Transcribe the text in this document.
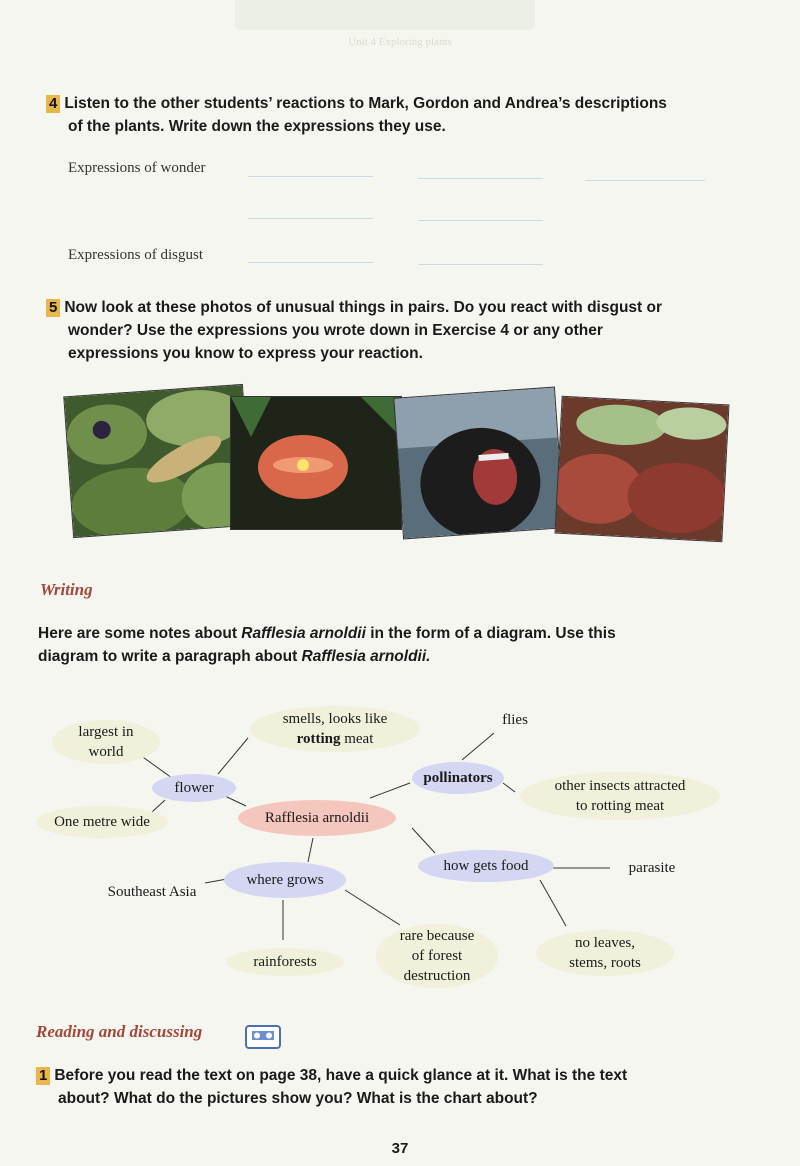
Unit 4 Exploring plants
4 Listen to the other students’ reactions to Mark, Gordon and Andrea’s descriptions
of the plants. Write down the expressions they use.
Expressions of wonder
Expressions of disgust
5 Now look at these photos of unusual things in pairs. Do you react with disgust or
wonder? Use the expressions you wrote down in Exercise 4 or any other
expressions you know to express your reaction.
Writing
Here are some notes about Rafflesia arnoldii in the form of a diagram. Use this
diagram to write a paragraph about Rafflesia arnoldii.
largest in
world
smells, looks like
rotting meat
flies
flower
One metre wide
pollinators	other insects attracted
to rotting meat
Rafflesia arnoldii
how gets food	parasite
where grows
Southeast Asia
rainforests
rare because
of forest
destruction
no leaves,
stems, roots
Reading and discussing
1 Before you read the text on page 38, have a quick glance at it. What is the text
about? What do the pictures show you? What is the chart about?
37
